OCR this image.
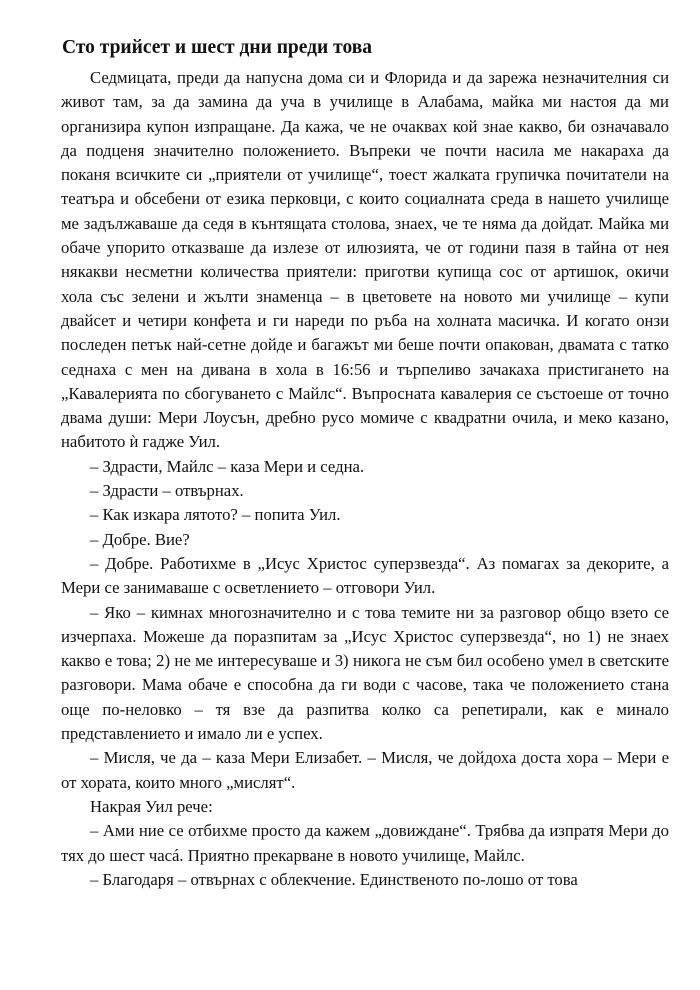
Сто трийсет и шест дни преди това

Седмицата, преди да напусна дома си и Флорида и да зарежа незначителния си живот там, за да замина да уча в училище в Алабама, майка ми настоя да ми организира купон изпращане. Да кажа, че не очаквах кой знае какво, би означавало да подценя значително положението. Въпреки че почти насила ме накараха да поканя всичките си „приятели от училище“, тоест жалката групичка почитатели на театъра и обсебени от езика перковци, с които социалната среда в нашето училище ме задължаваше да седя в кънтящата столова, знаех, че те няма да дойдат. Майка ми обаче упорито отказваше да излезе от илюзията, че от години пазя в тайна от нея някакви несметни количества приятели: приготви купища сос от артишок, окичи хола със зелени и жълти знаменца – в цветовете на новото ми училище – купи двайсет и четири конфета и ги нареди по ръба на холната масичка. И когато онзи последен петък най-сетне дойде и багажът ми беше почти опакован, двамата с татко седнаха с мен на дивана в хола в 16:56 и търпеливо зачакаха пристигането на „Кавалерията по сбогуването с Майлс“. Въпросната кавалерия се състоеше от точно двама души: Мери Лоусън, дребно русо момиче с квадратни очила, и меко казано, набитото ѝ гадже Уил.

– Здрасти, Майлс – каза Мери и седна.

– Здрасти – отвърнах.

– Как изкара лятото? – попита Уил.

– Добре. Вие?

– Добре. Работихме в „Исус Христос суперзвезда“. Аз помагах за декорите, а Мери се занимаваше с осветлението – отговори Уил.

– Яко – кимнах многозначително и с това темите ни за разговор общо взето се изчерпаха. Можеше да поразпитам за „Исус Христос суперзвезда“, но 1) не знаех какво е това; 2) не ме интересуваше и 3) никога не съм бил особено умел в светските разговори. Мама обаче е способна да ги води с часове, така че положението стана още по-неловко – тя взе да разпитва колко са репетирали, как е минало представлението и имало ли е успех.

– Мисля, че да – каза Мери Елизабет. – Мисля, че дойдоха доста хора – Мери е от хората, които много „мислят“.

Накрая Уил рече:

– Ами ние се отбихме просто да кажем „довиждане“. Трябва да изпратя Мери до тях до шест часá. Приятно прекарване в новото училище, Майлс.

– Благодаря – отвърнах с облекчение. Единственото по-лошо от това
